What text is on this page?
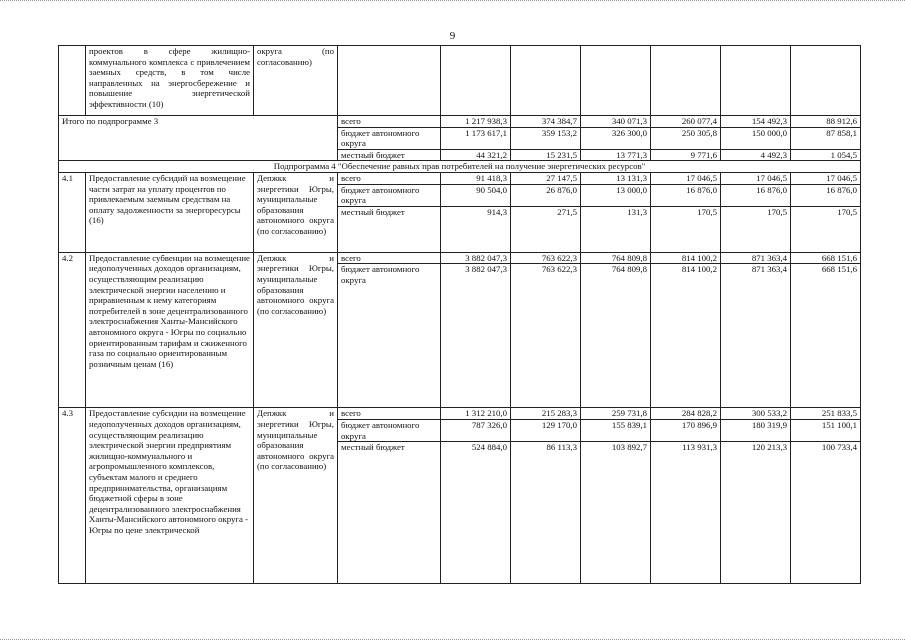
9
	проектов в сфере жилищно-коммунального комплекса с привлечением заемных средств, в том числе направленных на энергосбережение и повышение энергетической эффективности (10)	округа (по согласованию)							
Итого по подпрограмме 3			всего	1 217 938,3	374 384,7	340 071,3	260 077,4	154 492,3	88 912,6
			бюджет автономного округа	1 173 617,1	359 153,2	326 300,0	250 305,8	150 000,0	87 858,1
			местный бюджет	44 321,2	15 231,5	13 771,3	9 771,6	4 492,3	1 054,5
Подпрограмма 4 "Обеспечение равных прав потребителей на получение энергетических ресурсов"									
4.1	Предоставление субсидий на возмещение части затрат на уплату процентов по привлекаемым заемным средствам на оплату задолженности за энергоресурсы (16)	Депжкк и энергетики Югры, муниципальные образования автономного округа (по согласованию)	всего	91 418,3	27 147,5	13 131,3	17 046,5	17 046,5	17 046,5
			бюджет автономного округа	90 504,0	26 876,0	13 000,0	16 876,0	16 876,0	16 876,0
			местный бюджет	914,3	271,5	131,3	170,5	170,5	170,5
4.2	Предоставление субвенции на возмещение недополученных доходов организациям, осуществляющим реализацию электрической энергии населению и приравненным к нему категориям потребителей в зоне децентрализованного электроснабжения Ханты-Мансийского автономного округа - Югры по социально ориентированным тарифам и сжиженного газа по социально ориентированным розничным ценам (16)	Депжкк и энергетики Югры, муниципальные образования автономного округа (по согласованию)	всего	3 882 047,3	763 622,3	764 809,8	814 100,2	871 363,4	668 151,6
			бюджет автономного округа	3 882 047,3	763 622,3	764 809,8	814 100,2	871 363,4	668 151,6
4.3	Предоставление субсидии на возмещение недополученных доходов организациям, осуществляющим реализацию электрической энергии предприятиям жилищно-коммунального и агропромышленного комплексов, субъектам малого и среднего предпринимательства, организациям бюджетной сферы в зоне децентрализованного электроснабжения Ханты-Мансийского автономного округа - Югры по цене электрической	Депжкк и энергетики Югры, муниципальные образования автономного округа (по согласованию)	всего	1 312 210,0	215 283,3	259 731,8	284 828,2	300 533,2	251 833,5
			бюджет автономного округа	787 326,0	129 170,0	155 839,1	170 896,9	180 319,9	151 100,1
			местный бюджет	524 884,0	86 113,3	103 892,7	113 931,3	120 213,3	100 733,4
